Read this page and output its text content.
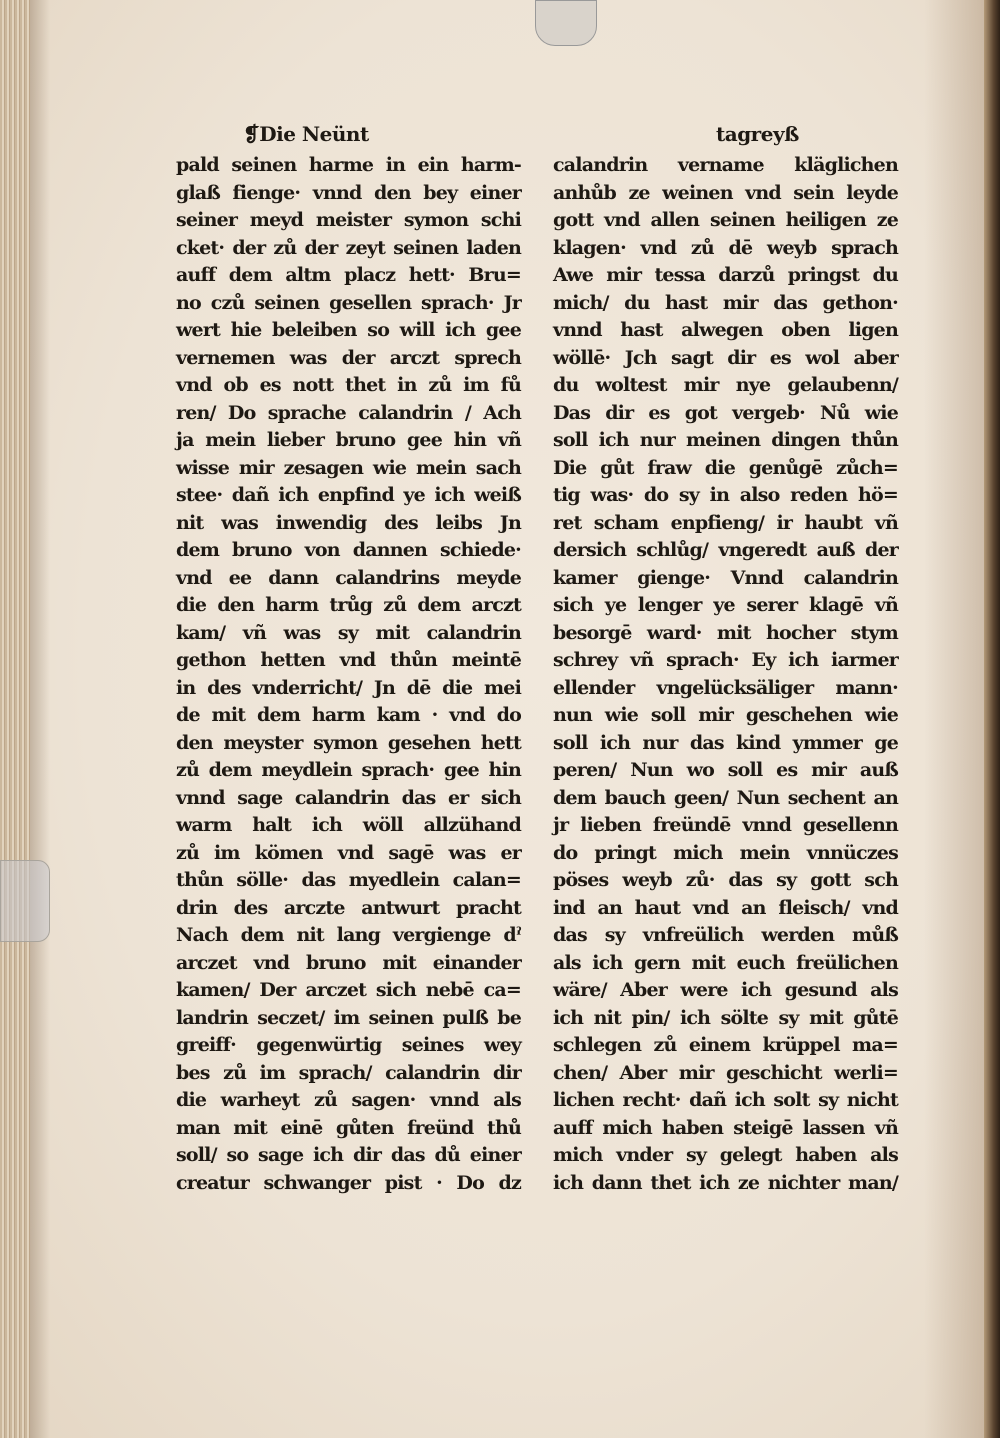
❡Die Neünt	tagreyß
pald seinen harme in ein harm-
glaß fienge· vnnd den bey einer
seiner meyd meister symon schi
cket· der zů der zeyt seinen laden
auff dem altm placz hett· Bru=
no czů seinen gesellen sprach· Jr
wert hie beleiben so will ich gee
vernemen was der arczt sprech
vnd ob es nott thet in zů im fů
ren/ Do sprache calandrin / Ach
ja mein lieber bruno gee hin vñ
wisse mir zesagen wie mein sach
stee· dañ ich enpfind ye ich weiß
nit was inwendig des leibs Jn
dem bruno von dannen schiede·
vnd ee dann calandrins meyde
die den harm trůg zů dem arczt
kam/ vñ was sy mit calandrin
gethon hetten vnd thůn meintē
in des vnderricht/ Jn dē die mei
de mit dem harm kam · vnd do
den meyster symon gesehen hett
zů dem meydlein sprach· gee hin
vnnd sage calandrin das er sich
warm halt ich wöll allzühand
zů im kömen vnd sagē was er
thůn sölle· das myedlein calan=
drin des arczte antwurt pracht
Nach dem nit lang vergienge dˀ
arczet vnd bruno mit einander
kamen/ Der arczet sich nebē ca=
landrin seczet/ im seinen pulß be
greiff· gegenwürtig seines wey
bes zů im sprach/ calandrin dir
die warheyt zů sagen· vnnd als
man mit einē gůten freünd thů
soll/ so sage ich dir das dů einer
creatur schwanger pist · Do dz
calandrin vername kläglichen
anhůb ze weinen vnd sein leyde
gott vnd allen seinen heiligen ze
klagen· vnd zů dē weyb sprach
Awe mir tessa darzů pringst du
mich/ du hast mir das gethon·
vnnd hast alwegen oben ligen
wöllē· Jch sagt dir es wol aber
du woltest mir nye gelaubenn/
Das dir es got vergeb· Nů wie
soll ich nur meinen dingen thůn
Die gůt fraw die genůgē zůch=
tig was· do sy in also reden hö=
ret scham enpfieng/ ir haubt vñ
dersich schlůg/ vngeredt auß der
kamer gienge· Vnnd calandrin
sich ye lenger ye serer klagē vñ
besorgē ward· mit hocher stym
schrey vñ sprach· Ey ich iarmer
ellender vngelücksäliger mann·
nun wie soll mir geschehen wie
soll ich nur das kind ymmer ge
peren/ Nun wo soll es mir auß
dem bauch geen/ Nun sechent an
jr lieben freündē vnnd gesellenn
do pringt mich mein vnnüczes
pöses weyb zů· das sy gott sch
ind an haut vnd an fleisch/ vnd
das sy vnfreülich werden můß
als ich gern mit euch freülichen
wäre/ Aber were ich gesund als
ich nit pin/ ich sölte sy mit gůtē
schlegen zů einem krüppel ma=
chen/ Aber mir geschicht werli=
lichen recht· dañ ich solt sy nicht
auff mich haben steigē lassen vñ
mich vnder sy gelegt haben als
ich dann thet ich ze nichter man/
